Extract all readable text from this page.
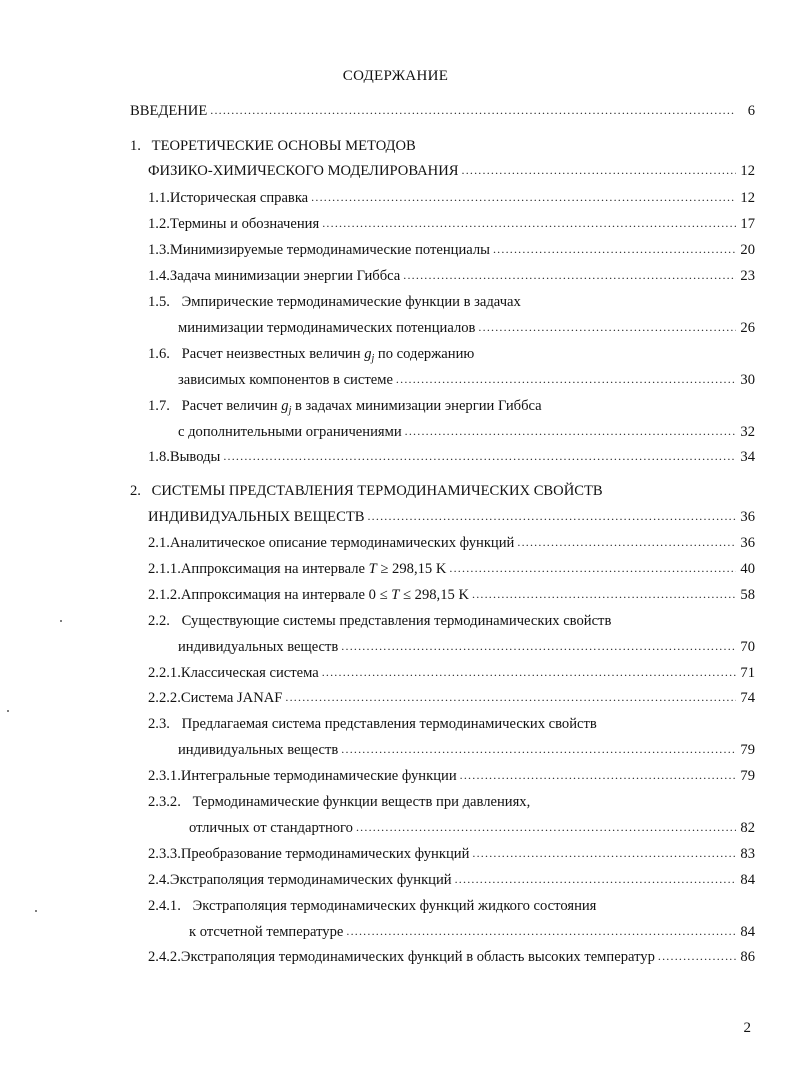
СОДЕРЖАНИЕ
ВВЕДЕНИЕ .....	6
1. ТЕОРЕТИЧЕСКИЕ ОСНОВЫ МЕТОДОВ
ФИЗИКО-ХИМИЧЕСКОГО МОДЕЛИРОВАНИЯ .....	12
1.1. Историческая справка .....	12
1.2. Термины и обозначения .....	17
1.3. Минимизируемые термодинамические потенциалы .....	20
1.4. Задача минимизации энергии Гиббса .....	23
1.5. Эмпирические термодинамические функции в задачах
минимизации термодинамических потенциалов .....	26
1.6. Расчет неизвестных величин $g_j$ по содержанию
зависимых компонентов в системе .....	30
1.7. Расчет величин $g_j$ в задачах минимизации энергии Гиббса
с дополнительными ограничениями .....	32
1.8. Выводы .....	34
2. СИСТЕМЫ ПРЕДСТАВЛЕНИЯ ТЕРМОДИНАМИЧЕСКИХ СВОЙСТВ
ИНДИВИДУАЛЬНЫХ ВЕЩЕСТВ .....	36
2.1. Аналитическое описание термодинамических функций .....	36
2.1.1. Аппроксимация на интервале T ≥ 298,15 K .....	40
2.1.2. Аппроксимация на интервале 0 ≤ T ≤ 298,15 K .....	58
2.2. Существующие системы представления термодинамических свойств
индивидуальных веществ .....	70
2.2.1. Классическая система .....	71
2.2.2. Система JANAF .....	74
2.3. Предлагаемая система представления термодинамических свойств
индивидуальных веществ .....	79
2.3.1. Интегральные термодинамические функции .....	79
2.3.2. Термодинамические функции веществ при давлениях,
отличных от стандартного .....	82
2.3.3. Преобразование термодинамических функций .....	83
2.4. Экстраполяция термодинамических функций .....	84
2.4.1. Экстраполяция термодинамических функций жидкого состояния
к отсчетной температуре .....	84
2.4.2. Экстраполяция термодинамических функций в область высоких температур .....	86
2
